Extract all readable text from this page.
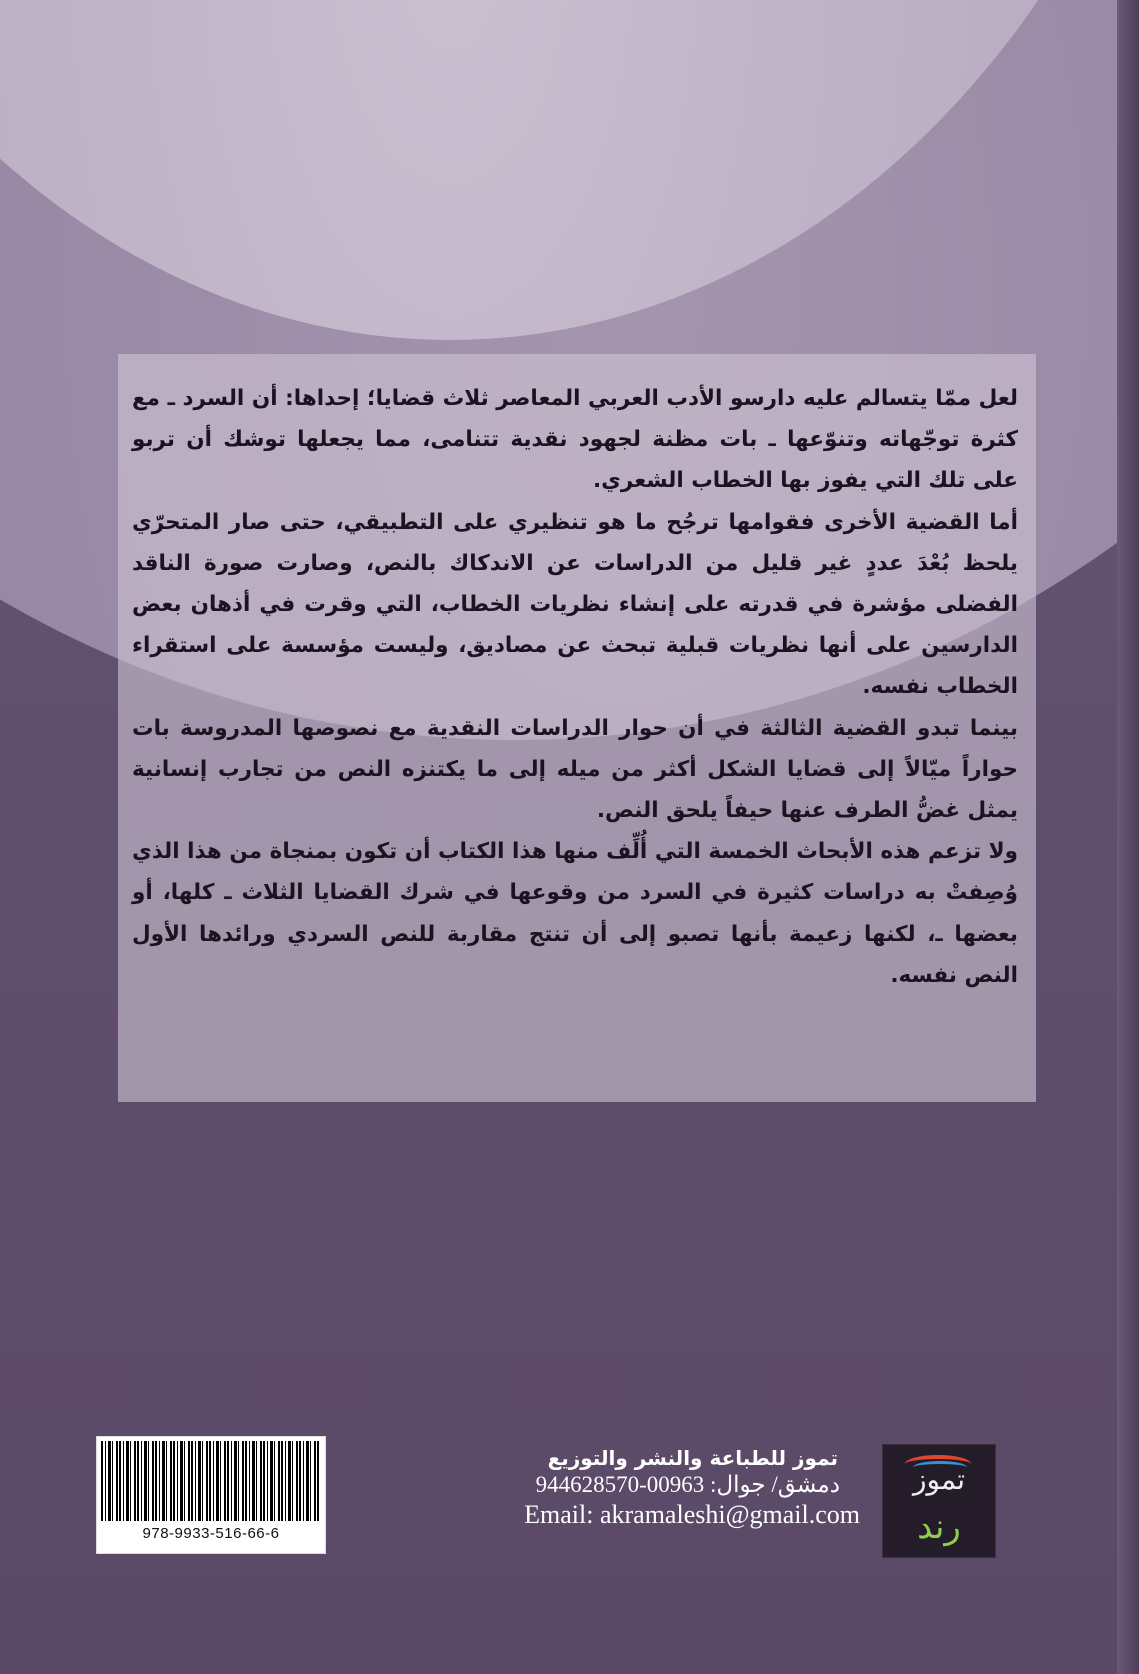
لعل ممّا يتسالم عليه دارسو الأدب العربي المعاصر ثلاث قضايا؛ إحداها: أن السرد ـ مع كثرة توجّهاته وتنوّعها ـ بات مظنة لجهود نقدية تتنامى، مما يجعلها توشك أن تربو على تلك التي يفوز بها الخطاب الشعري.

أما القضية الأخرى فقوامها ترجُح ما هو تنظيري على التطبيقي، حتى صار المتحرّي يلحظ بُعْدَ عددٍ غير قليل من الدراسات عن الاندكاك بالنص، وصارت صورة الناقد الفضلى مؤشرة في قدرته على إنشاء نظريات الخطاب، التي وقرت في أذهان بعض الدارسين على أنها نظريات قبلية تبحث عن مصاديق، وليست مؤسسة على استقراء الخطاب نفسه.

بينما تبدو القضية الثالثة في أن حوار الدراسات النقدية مع نصوصها المدروسة بات حواراً ميّالاً إلى قضايا الشكل أكثر من ميله إلى ما يكتنزه النص من تجارب إنسانية يمثل غضُّ الطرف عنها حيفاً يلحق النص.

ولا تزعم هذه الأبحاث الخمسة التي أُلِّف منها هذا الكتاب أن تكون بمنجاة من هذا الذي وُصِفتْ به دراسات كثيرة في السرد من وقوعها في شرك القضايا الثلاث ـ كلها، أو بعضها ـ، لكنها زعيمة بأنها تصبو إلى أن تنتج مقاربة للنص السردي ورائدها الأول النص نفسه.

978-9933-516-66-6

تموز للطباعة والنشر والتوزيع

دمشق/ جوال: 00963-944628570

Email: akramaleshi@gmail.com

تموز
رند
